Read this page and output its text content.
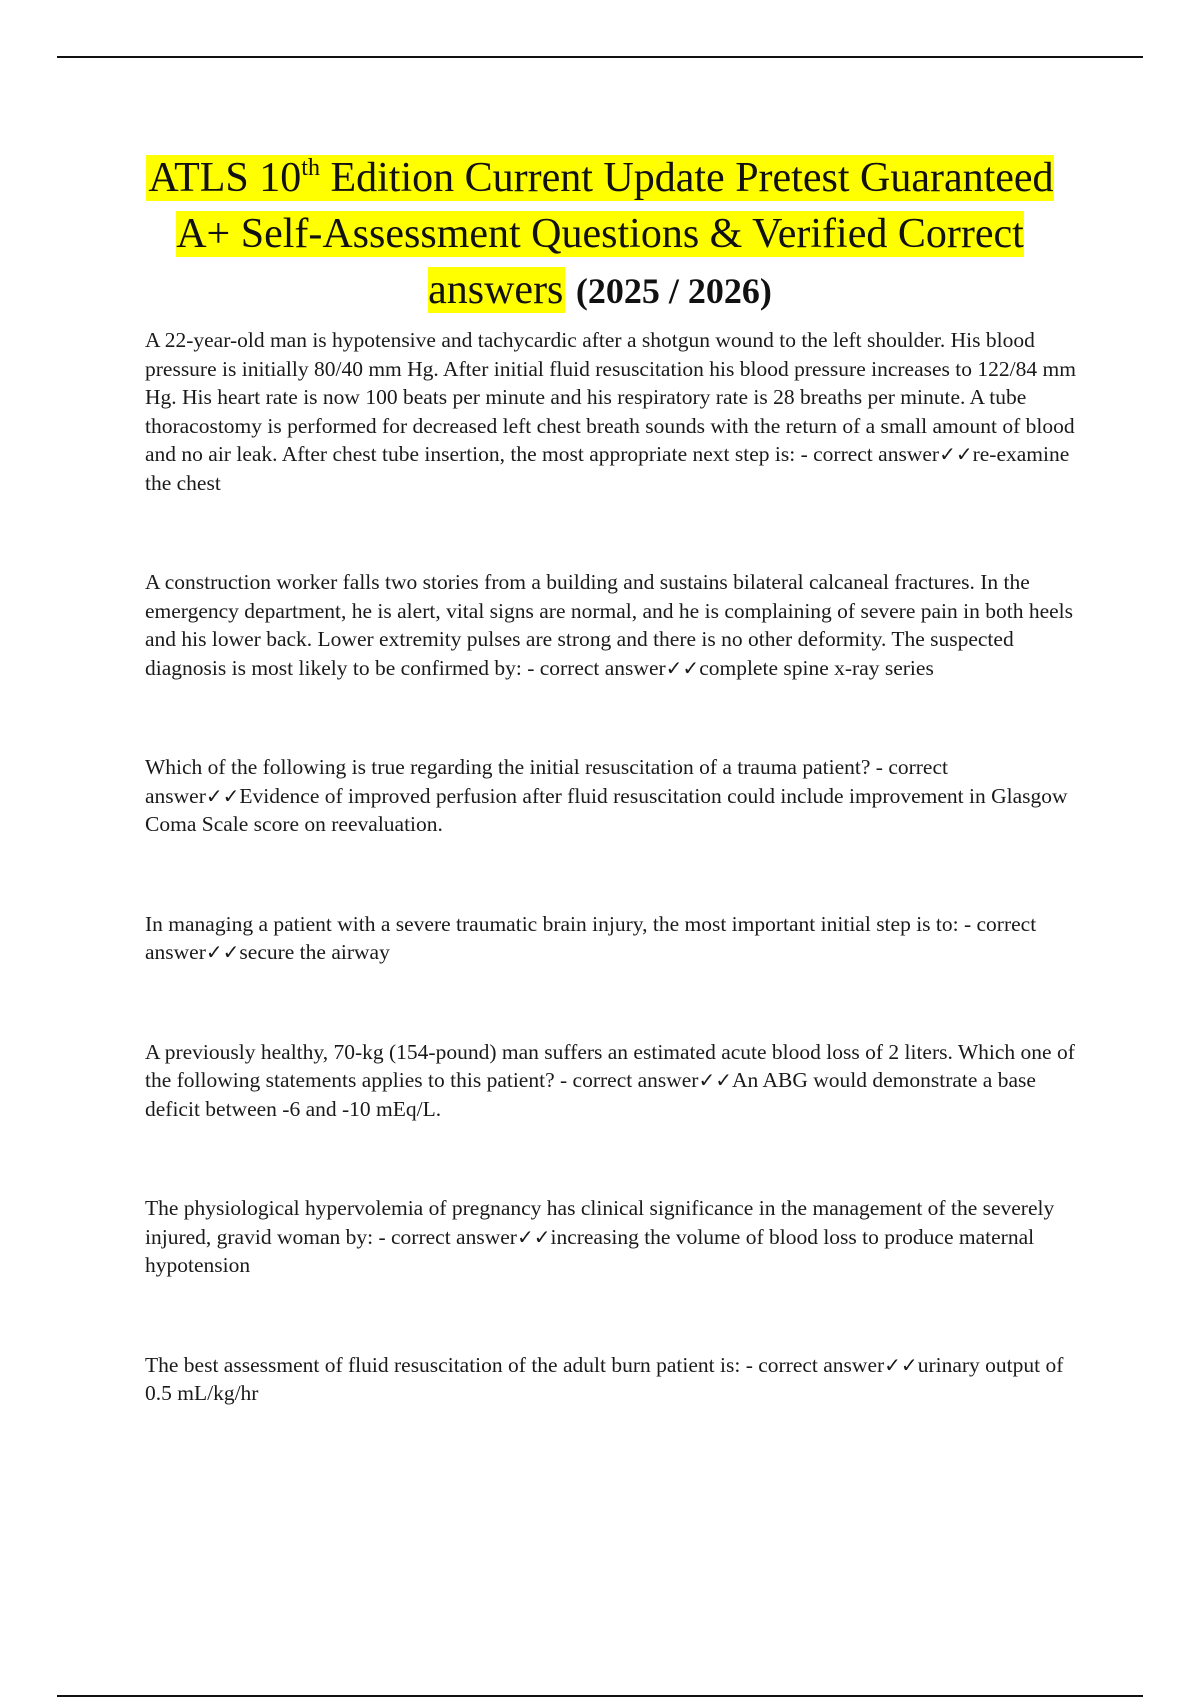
ATLS 10th Edition Current Update Pretest Guaranteed A+ Self-Assessment Questions & Verified Correct answers (2025 / 2026)

A 22-year-old man is hypotensive and tachycardic after a shotgun wound to the left shoulder. His blood pressure is initially 80/40 mm Hg. After initial fluid resuscitation his blood pressure increases to 122/84 mm Hg. His heart rate is now 100 beats per minute and his respiratory rate is 28 breaths per minute. A tube thoracostomy is performed for decreased left chest breath sounds with the return of a small amount of blood and no air leak. After chest tube insertion, the most appropriate next step is: - correct answer✓✓re-examine the chest

A construction worker falls two stories from a building and sustains bilateral calcaneal fractures. In the emergency department, he is alert, vital signs are normal, and he is complaining of severe pain in both heels and his lower back. Lower extremity pulses are strong and there is no other deformity. The suspected diagnosis is most likely to be confirmed by: - correct answer✓✓complete spine x-ray series

Which of the following is true regarding the initial resuscitation of a trauma patient? - correct answer✓✓Evidence of improved perfusion after fluid resuscitation could include improvement in Glasgow Coma Scale score on reevaluation.

In managing a patient with a severe traumatic brain injury, the most important initial step is to: - correct answer✓✓secure the airway

A previously healthy, 70-kg (154-pound) man suffers an estimated acute blood loss of 2 liters. Which one of the following statements applies to this patient? - correct answer✓✓An ABG would demonstrate a base deficit between -6 and -10 mEq/L.

The physiological hypervolemia of pregnancy has clinical significance in the management of the severely injured, gravid woman by: - correct answer✓✓increasing the volume of blood loss to produce maternal hypotension

The best assessment of fluid resuscitation of the adult burn patient is: - correct answer✓✓urinary output of 0.5 mL/kg/hr
